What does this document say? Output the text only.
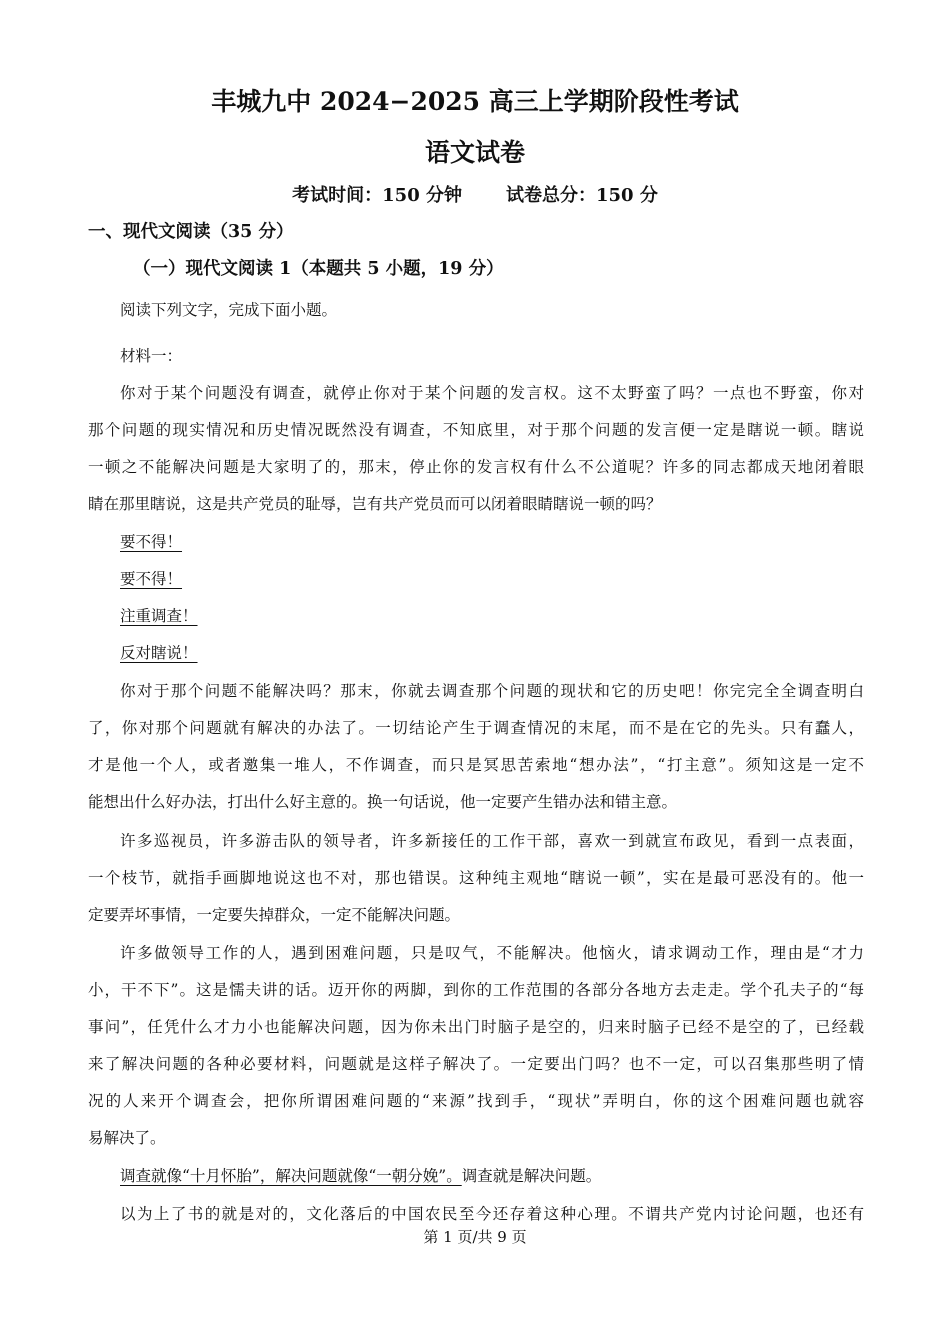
丰城九中 2024−2025 高三上学期阶段性考试
语文试卷
考试时间：150 分钟 试卷总分：150 分
一、现代文阅读（35 分）
（一）现代文阅读 1（本题共 5 小题，19 分）
阅读下列文字，完成下面小题。
材料一：
你对于某个问题没有调查，就停止你对于某个问题的发言权。这不太野蛮了吗？一点也不野蛮，你对
那个问题的现实情况和历史情况既然没有调查，不知底里，对于那个问题的发言便一定是瞎说一顿。瞎说
一顿之不能解决问题是大家明了的，那末，停止你的发言权有什么不公道呢？许多的同志都成天地闭着眼
睛在那里瞎说，这是共产党员的耻辱，岂有共产党员而可以闭着眼睛瞎说一顿的吗？
要不得！
要不得！
注重调查！
反对瞎说！
你对于那个问题不能解决吗？那末，你就去调查那个问题的现状和它的历史吧！你完完全全调查明白
了，你对那个问题就有解决的办法了。一切结论产生于调查情况的末尾，而不是在它的先头。只有蠢人，
才是他一个人，或者邀集一堆人，不作调查，而只是冥思苦索地“想办法”，“打主意”。须知这是一定不
能想出什么好办法，打出什么好主意的。换一句话说，他一定要产生错办法和错主意。
许多巡视员，许多游击队的领导者，许多新接任的工作干部，喜欢一到就宣布政见，看到一点表面，
一个枝节，就指手画脚地说这也不对，那也错误。这种纯主观地“瞎说一顿”，实在是最可恶没有的。他一
定要弄坏事情，一定要失掉群众，一定不能解决问题。
许多做领导工作的人，遇到困难问题，只是叹气，不能解决。他恼火，请求调动工作，理由是“才力
小，干不下”。这是懦夫讲的话。迈开你的两脚，到你的工作范围的各部分各地方去走走。学个孔夫子的“每
事问”，任凭什么才力小也能解决问题，因为你未出门时脑子是空的，归来时脑子已经不是空的了，已经载
来了解决问题的各种必要材料，问题就是这样子解决了。一定要出门吗？也不一定，可以召集那些明了情
况的人来开个调查会，把你所谓困难问题的“来源”找到手，“现状”弄明白，你的这个困难问题也就容
易解决了。
调查就像“十月怀胎”，解决问题就像“一朝分娩”。调查就是解决问题。
以为上了书的就是对的，文化落后的中国农民至今还存着这种心理。不谓共产党内讨论问题，也还有
第 1 页/共 9 页
